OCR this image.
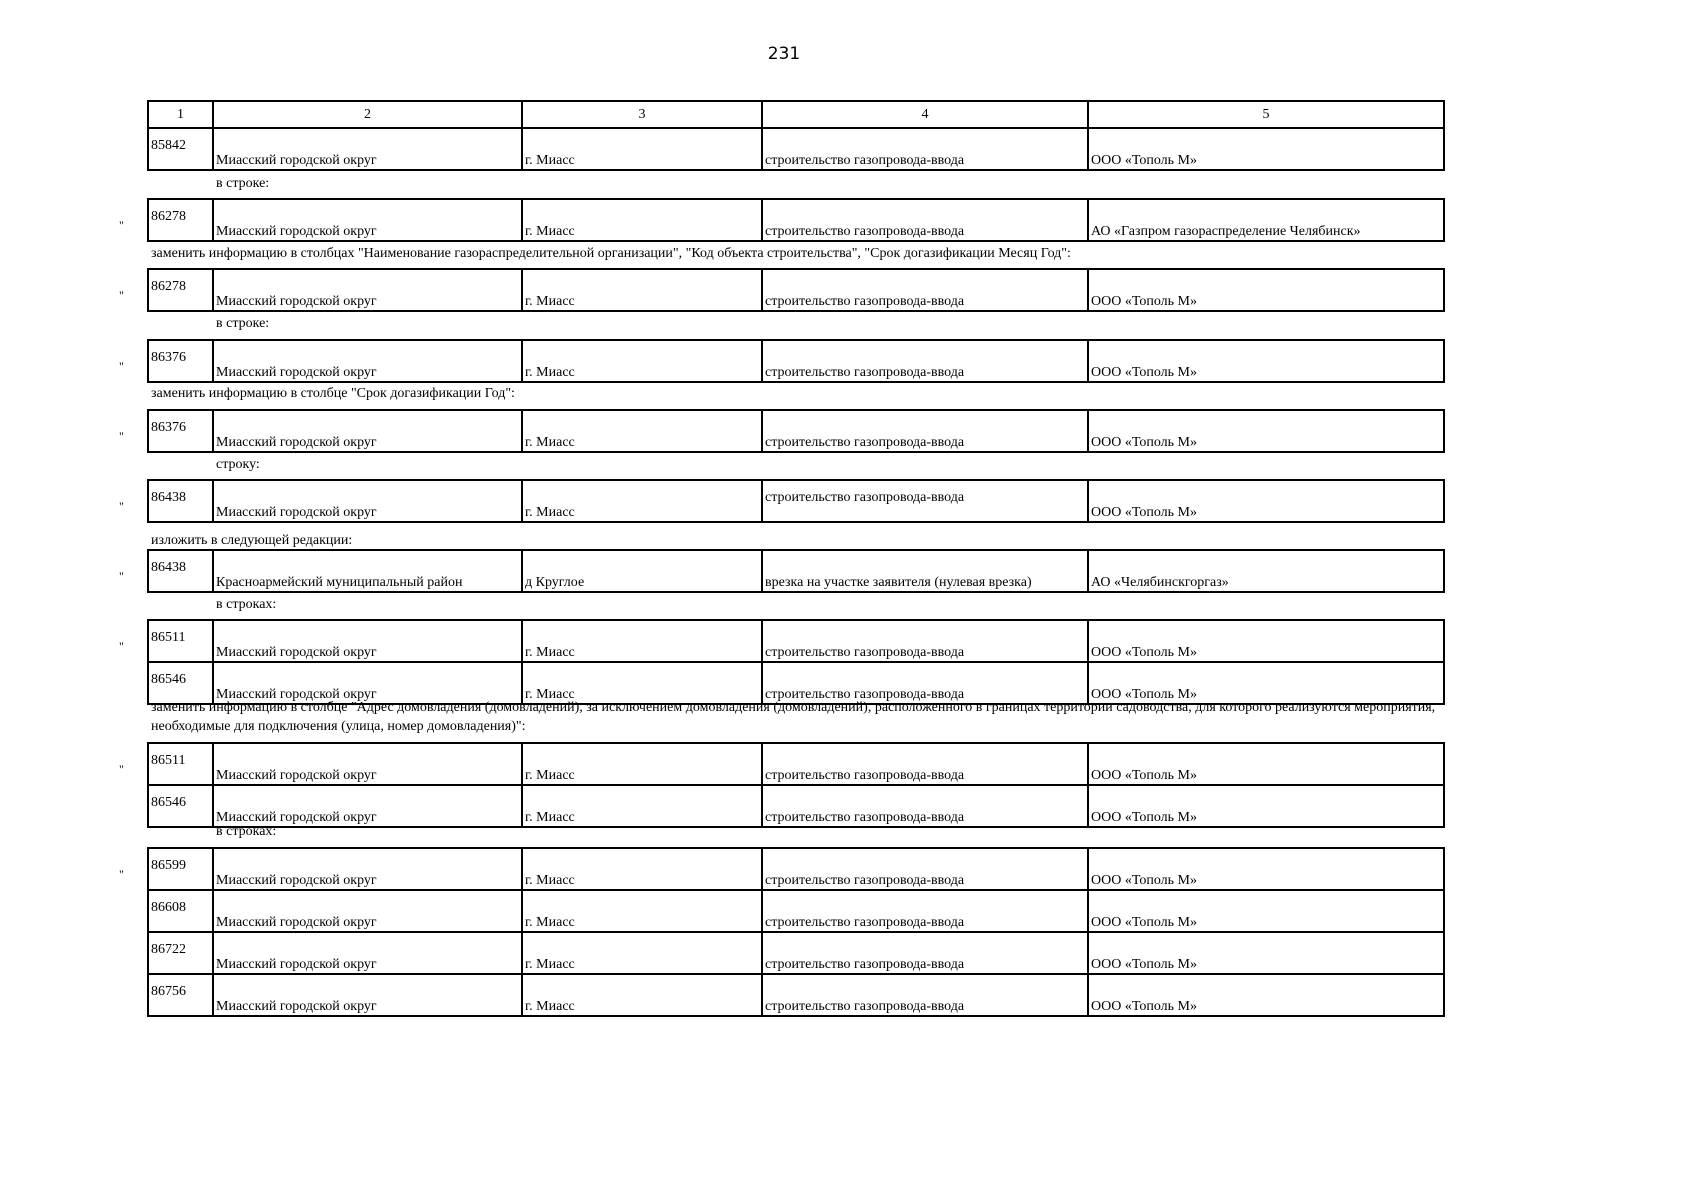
231
1	2	3	4	5
85842	Миасский городской округ	г. Миасс	строительство газопровода-ввода	ООО «Тополь М»
в строке:
"
86278	Миасский городской округ	г. Миасс	строительство газопровода-ввода	АО «Газпром газораспределение Челябинск»
заменить информацию в столбцах "Наименование газораспределительной организации", "Код объекта строительства", "Срок догазификации Месяц Год":
"
86278	Миасский городской округ	г. Миасс	строительство газопровода-ввода	ООО «Тополь М»
в строке:
"
86376	Миасский городской округ	г. Миасс	строительство газопровода-ввода	ООО «Тополь М»
заменить информацию в столбце "Срок догазификации Год":
"
86376	Миасский городской округ	г. Миасс	строительство газопровода-ввода	ООО «Тополь М»
строку:
"
86438	Миасский городской округ	г. Миасс	строительство газопровода-ввода	ООО «Тополь М»
изложить в следующей редакции:
"
86438	Красноармейский муниципальный район	д Круглое	врезка на участке заявителя (нулевая врезка)	АО «Челябинскгоргаз»
в строках:
"
86511	Миасский городской округ	г. Миасс	строительство газопровода-ввода	ООО «Тополь М»
86546	Миасский городской округ	г. Миасс	строительство газопровода-ввода	ООО «Тополь М»
заменить информацию в столбце "Адрес домовладения (домовладений), за исключением домовладения (домовладений), расположенного в границах территории садоводства, для которого реализуются мероприятия, необходимые для подключения (улица, номер домовладения)":
"
86511	Миасский городской округ	г. Миасс	строительство газопровода-ввода	ООО «Тополь М»
86546	Миасский городской округ	г. Миасс	строительство газопровода-ввода	ООО «Тополь М»
в строках:
"
86599	Миасский городской округ	г. Миасс	строительство газопровода-ввода	ООО «Тополь М»
86608	Миасский городской округ	г. Миасс	строительство газопровода-ввода	ООО «Тополь М»
86722	Миасский городской округ	г. Миасс	строительство газопровода-ввода	ООО «Тополь М»
86756	Миасский городской округ	г. Миасс	строительство газопровода-ввода	ООО «Тополь М»
